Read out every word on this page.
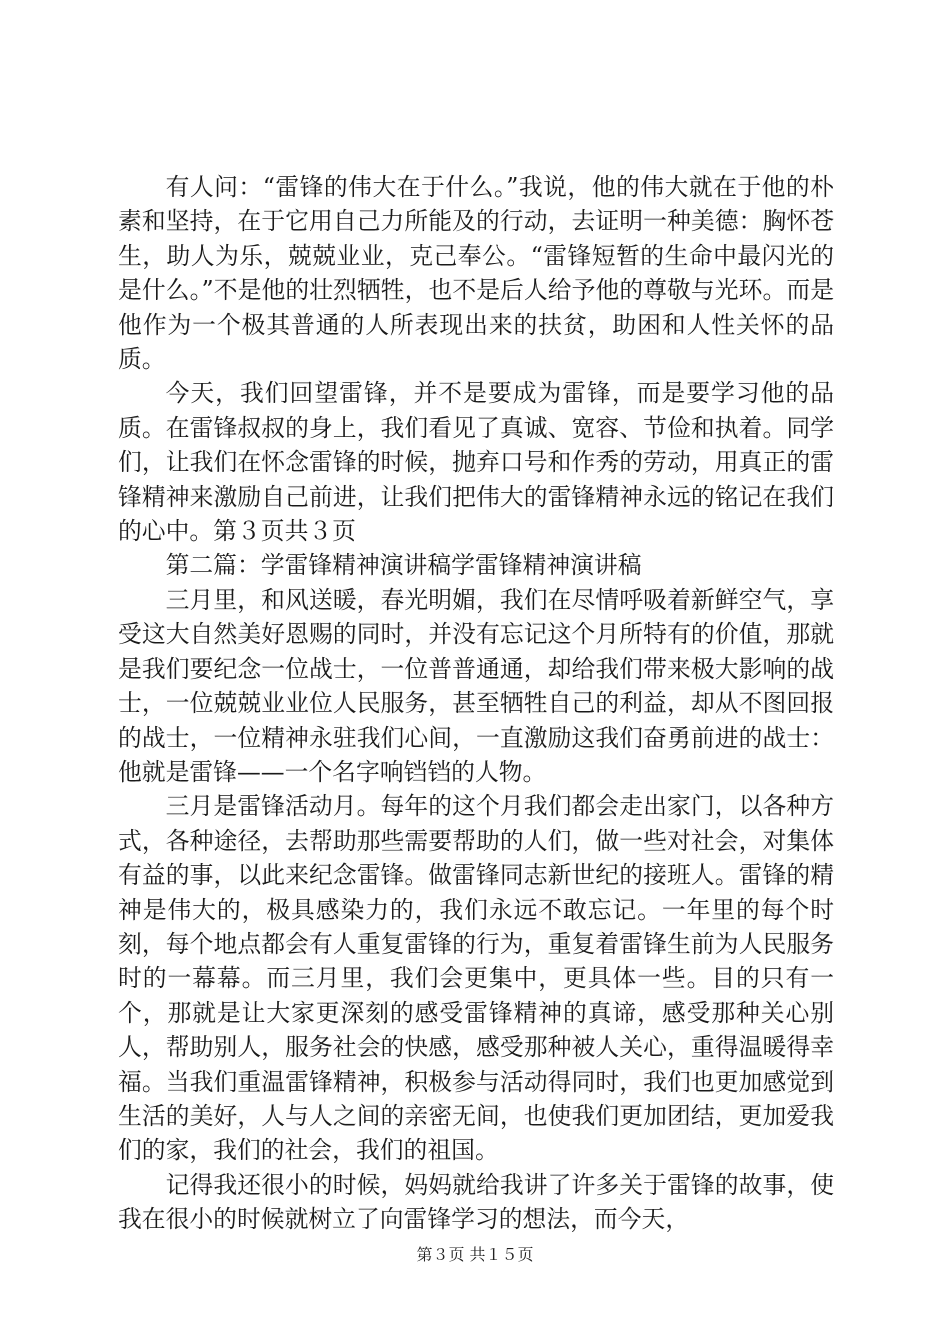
有人问：“雷锋的伟大在于什么。”我说，他的伟大就在于他的朴素和坚持，在于它用自己力所能及的行动，去证明一种美德：胸怀苍生，助人为乐，兢兢业业，克己奉公。“雷锋短暂的生命中最闪光的是什么。”不是他的壮烈牺牲，也不是后人给予他的尊敬与光环。而是他作为一个极其普通的人所表现出来的扶贫，助困和人性关怀的品质。

今天，我们回望雷锋，并不是要成为雷锋，而是要学习他的品质。在雷锋叔叔的身上，我们看见了真诚、宽容、节俭和执着。同学们，让我们在怀念雷锋的时候，抛弃口号和作秀的劳动，用真正的雷锋精神来激励自己前进，让我们把伟大的雷锋精神永远的铭记在我们的心中。第３页共３页

第二篇：学雷锋精神演讲稿学雷锋精神演讲稿

三月里，和风送暖，春光明媚，我们在尽情呼吸着新鲜空气，享受这大自然美好恩赐的同时，并没有忘记这个月所特有的价值，那就是我们要纪念一位战士，一位普普通通，却给我们带来极大影响的战士，一位兢兢业业位人民服务，甚至牺牲自己的利益，却从不图回报的战士，一位精神永驻我们心间，一直激励这我们奋勇前进的战士：他就是雷锋——一个名字响铛铛的人物。

三月是雷锋活动月。每年的这个月我们都会走出家门，以各种方式，各种途径，去帮助那些需要帮助的人们，做一些对社会，对集体有益的事，以此来纪念雷锋。做雷锋同志新世纪的接班人。雷锋的精神是伟大的，极具感染力的，我们永远不敢忘记。一年里的每个时刻，每个地点都会有人重复雷锋的行为，重复着雷锋生前为人民服务时的一幕幕。而三月里，我们会更集中，更具体一些。目的只有一个，那就是让大家更深刻的感受雷锋精神的真谛，感受那种关心别人，帮助别人，服务社会的快感，感受那种被人关心，重得温暖得幸福。当我们重温雷锋精神，积极参与活动得同时，我们也更加感觉到生活的美好，人与人之间的亲密无间，也使我们更加团结，更加爱我们的家，我们的社会，我们的祖国。

记得我还很小的时候，妈妈就给我讲了许多关于雷锋的故事，使我在很小的时候就树立了向雷锋学习的想法，而今天，

第３页 共１５页
